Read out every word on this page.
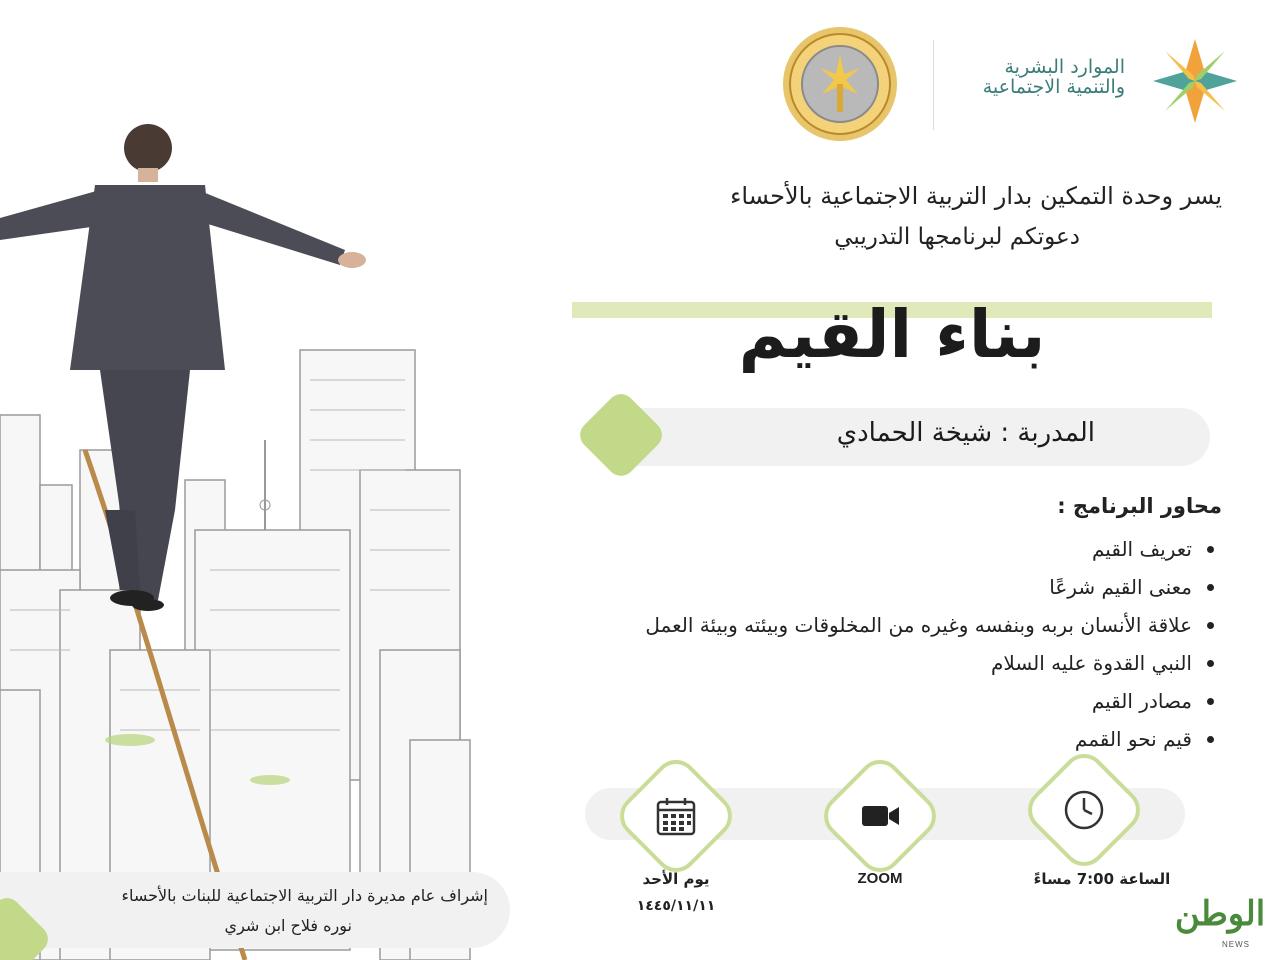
الموارد البشرية
والتنمية الاجتماعية
يسر وحدة التمكين بدار التربية الاجتماعية بالأحساء
دعوتكم لبرنامجها التدريبي
بناء القيم
المدربة : شيخة الحمادي
محاور البرنامج :
تعريف القيم
معنى القيم شرعًا
علاقة الأنسان بربه وبنفسه وغيره من المخلوقات وبيئته وبيئة العمل
النبي القدوة عليه السلام
مصادر القيم
قيم نحو القمم
يوم الأحد
١٤٤٥/١١/١١
ZOOM	الساعة 7:00 مساءً
إشراف عام مديرة دار التربية الاجتماعية للبنات بالأحساء
نوره فلاح ابن شري	الوطن
NEWS
